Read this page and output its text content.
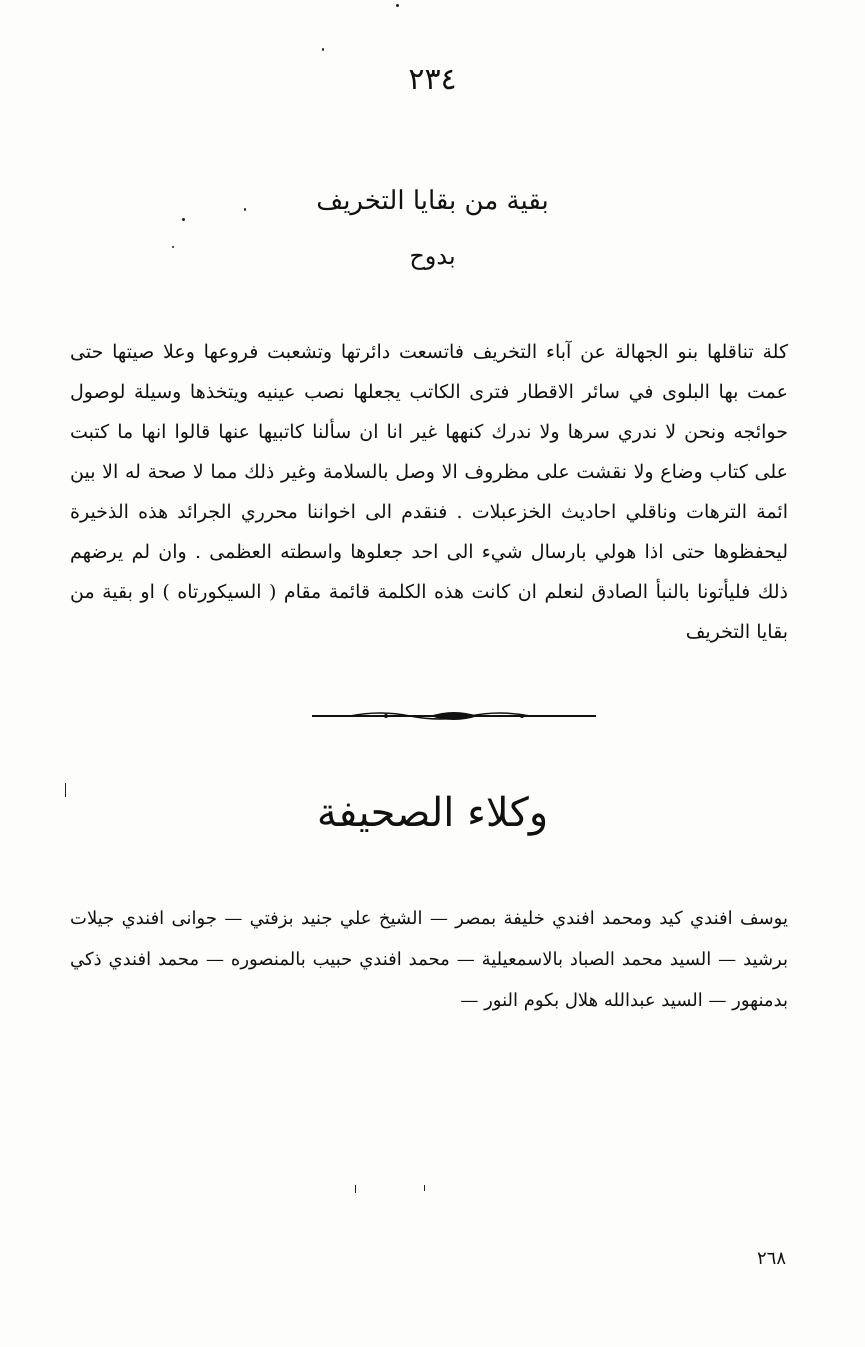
٢٣٤
بقية من بقايا التخريف
بدوح
كلة تناقلها بنو الجهالة عن آباء التخريف فاتسعت دائرتها وتشعبت فروعها وعلا صيتها حتى عمت بها البلوى في سائر الاقطار فترى الكاتب يجعلها نصب عينيه ويتخذها وسيلة لوصول حوائجه ونحن لا ندري سرها ولا ندرك كنهها غير انا ان سألنا كاتبيها عنها قالوا انها ما كتبت على كتاب وضاع ولا نقشت على مظروف الا وصل بالسلامة وغير ذلك مما لا صحة له الا بين ائمة الترهات وناقلي احاديث الخزعبلات . فنقدم الى اخواننا محرري الجرائد هذه الذخيرة ليحفظوها حتى اذا هولي بارسال شيء الى احد جعلوها واسطته العظمى . وان لم يرضهم ذلك فليأتونا بالنبأ الصادق لنعلم ان كانت هذه الكلمة قائمة مقام ( السيكورتاه ) او بقية من بقايا التخريف
وكلاء الصحيفة
يوسف افندي كيد ومحمد افندي خليفة بمصر — الشيخ علي جنيد بزفتي — جوانى افندي جيلات برشيد — السيد محمد الصباد بالاسمعيلية — محمد افندي حبيب بالمنصوره — محمد افندي ذكي بدمنهور — السيد عبدالله هلال بكوم النور —
٢٦٨
